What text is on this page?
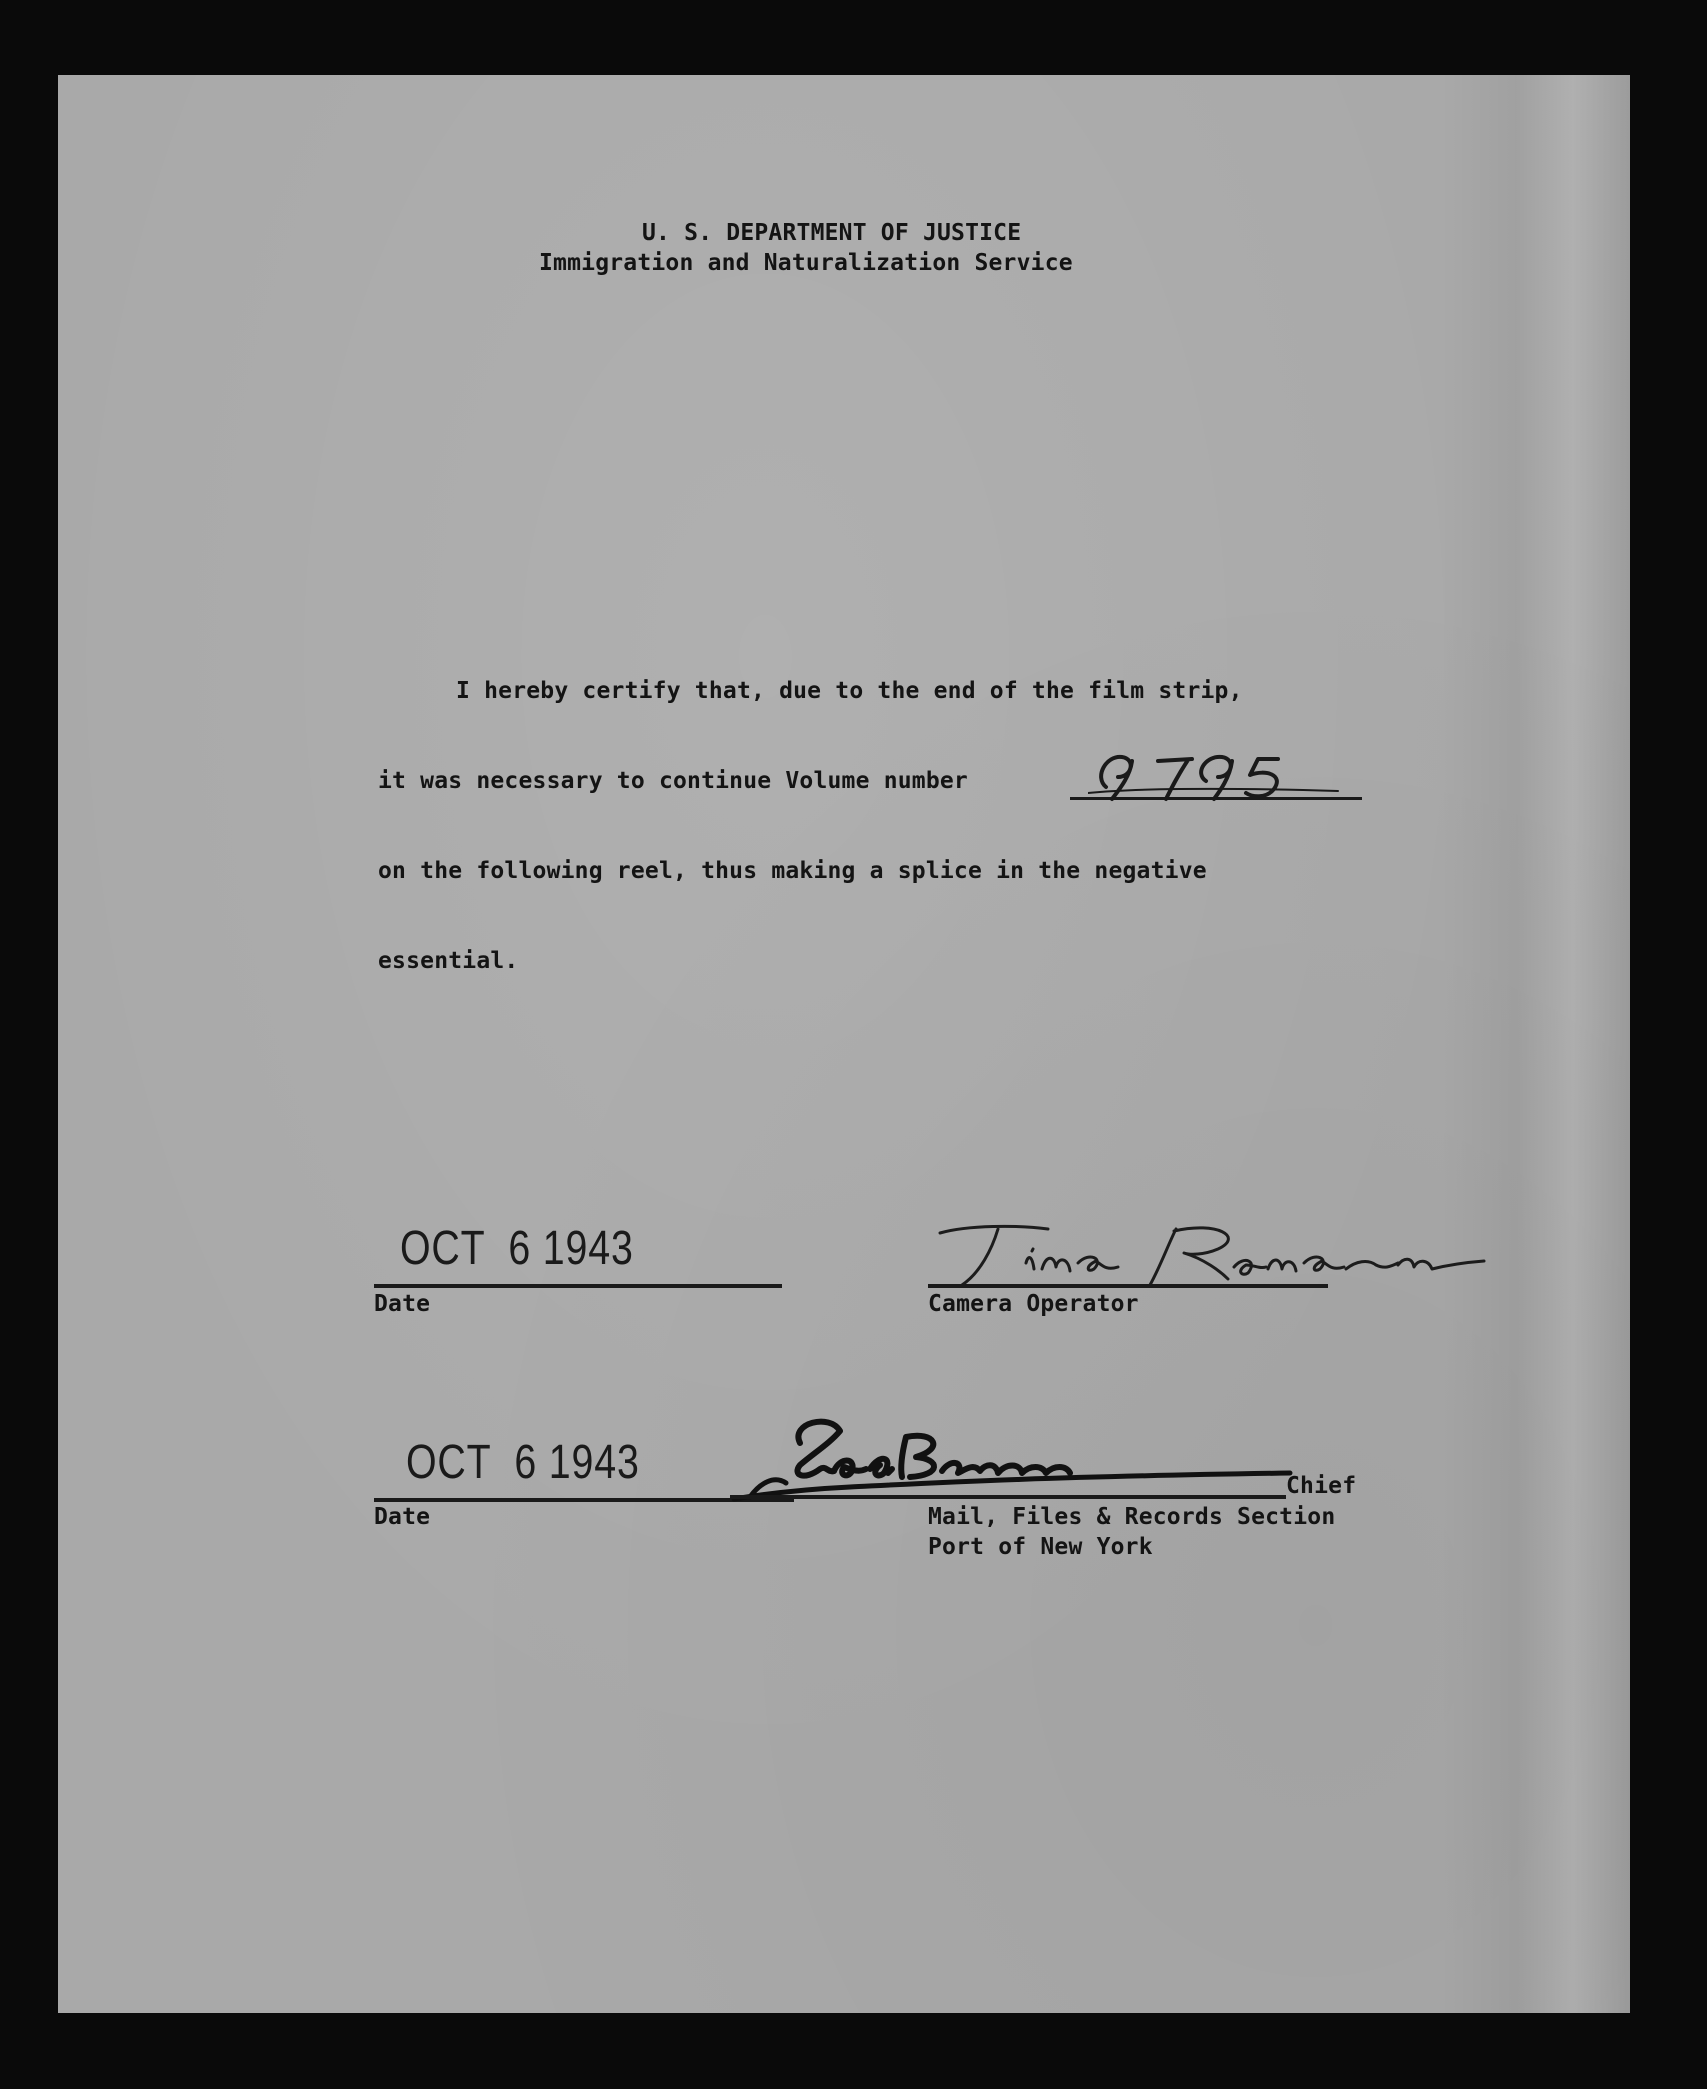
U. S. DEPARTMENT OF JUSTICE
Immigration and Naturalization Service
I hereby certify that, due to the end of the film strip,
it was necessary to continue Volume number
on the following reel, thus making a splice in the negative
essential.
OCT  6 1943
Date	Camera Operator
OCT  6 1943
Date
Chief
Mail, Files & Records Section
Port of New York
